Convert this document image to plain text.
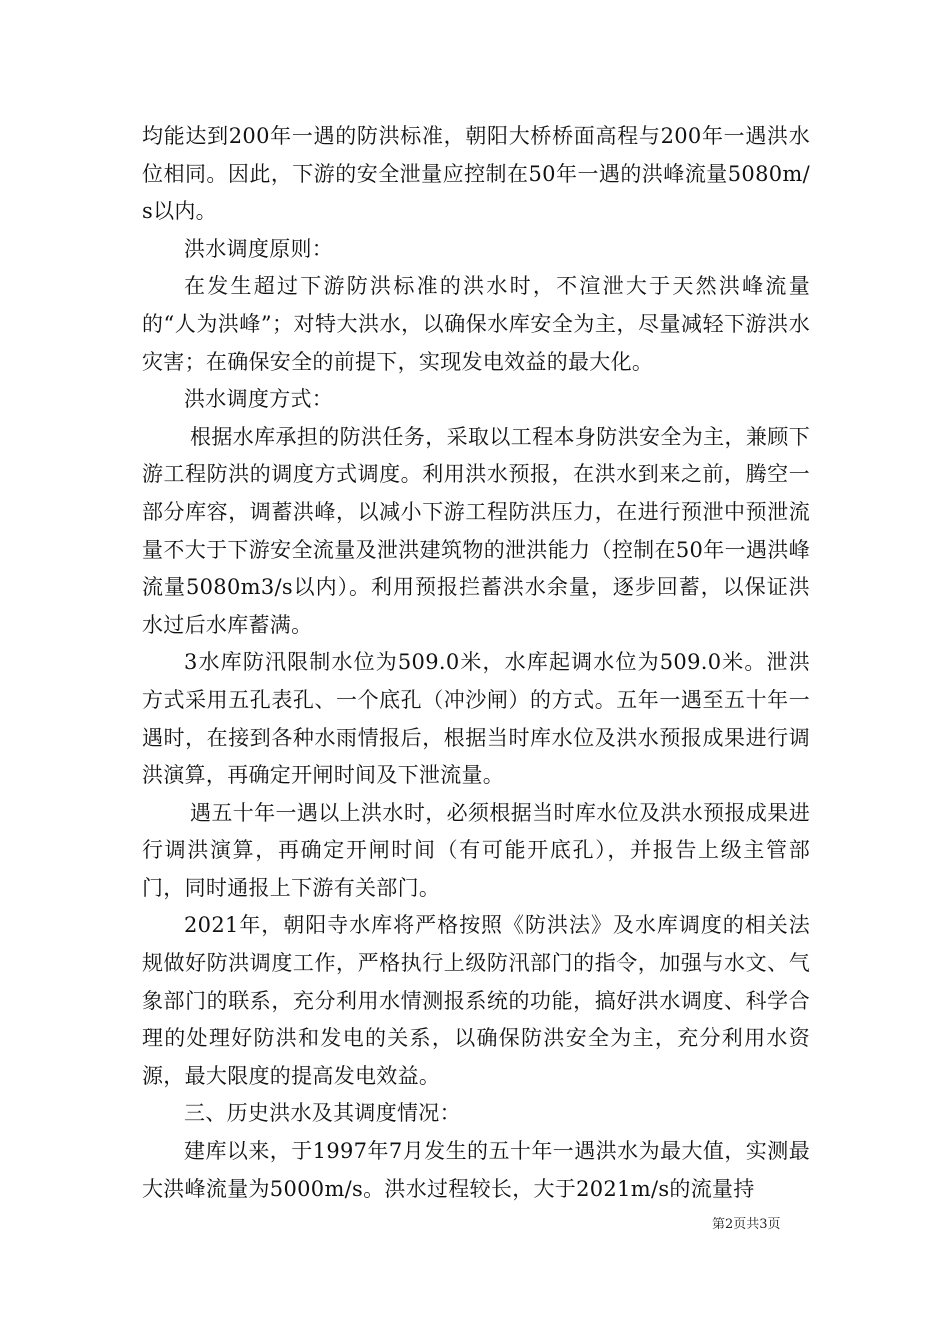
均能达到200年一遇的防洪标准，朝阳大桥桥面高程与200年一遇洪水位相同。因此，下游的安全泄量应控制在50年一遇的洪峰流量5080m/s以内。

洪水调度原则：

在发生超过下游防洪标准的洪水时，不渲泄大于天然洪峰流量的“人为洪峰”；对特大洪水，以确保水库安全为主，尽量减轻下游洪水灾害；在确保安全的前提下，实现发电效益的最大化。

洪水调度方式：

根据水库承担的防洪任务，采取以工程本身防洪安全为主，兼顾下游工程防洪的调度方式调度。利用洪水预报，在洪水到来之前，腾空一部分库容，调蓄洪峰，以减小下游工程防洪压力，在进行预泄中预泄流量不大于下游安全流量及泄洪建筑物的泄洪能力（控制在50年一遇洪峰流量5080m3/s以内）。利用预报拦蓄洪水余量，逐步回蓄，以保证洪水过后水库蓄满。

3水库防汛限制水位为509.0米，水库起调水位为509.0米。泄洪方式采用五孔表孔、一个底孔（冲沙闸）的方式。五年一遇至五十年一遇时，在接到各种水雨情报后，根据当时库水位及洪水预报成果进行调洪演算，再确定开闸时间及下泄流量。

遇五十年一遇以上洪水时，必须根据当时库水位及洪水预报成果进行调洪演算，再确定开闸时间（有可能开底孔），并报告上级主管部门，同时通报上下游有关部门。

2021年，朝阳寺水库将严格按照《防洪法》及水库调度的相关法规做好防洪调度工作，严格执行上级防汛部门的指令，加强与水文、气象部门的联系，充分利用水情测报系统的功能，搞好洪水调度、科学合理的处理好防洪和发电的关系，以确保防洪安全为主，充分利用水资源，最大限度的提高发电效益。

三、历史洪水及其调度情况：

建库以来，于1997年7月发生的五十年一遇洪水为最大值，实测最大洪峰流量为5000m/s。洪水过程较长，大于2021m/s的流量持

第2页共3页
